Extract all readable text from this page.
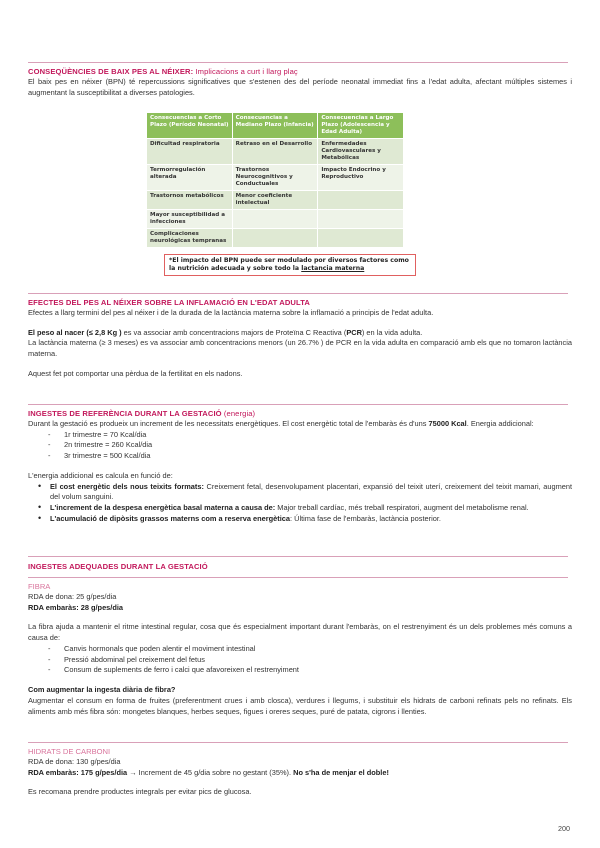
CONSEQÜÈNCIES DE BAIX PES AL NÉIXER: Implicacions a curt i llarg plaç

El baix pes en néixer (BPN) té repercussions significatives que s'estenen des del període neonatal immediat fins a l'edat adulta, afectant múltiples sistemes i augmentant la susceptibilitat a diverses patologies.

EFECTES DEL PES AL NÉIXER SOBRE LA INFLAMACIÓ EN L'EDAT ADULTA

Efectes a llarg termini del pes al néixer i de la durada de la lactància materna sobre la inflamació a principis de l'edat adulta.

El peso al nacer (≤ 2,8 Kg ) es va associar amb concentracions majors de Proteïna C Reactiva (PCR) en la vida adulta.

La lactància materna (≥ 3 meses) es va associar amb concentracions menors (un 26.7% ) de PCR en la vida adulta en comparació amb els que no tomaron lactància materna.

Aquest fet pot comportar una pèrdua de la fertilitat en els nadons.

INGESTES DE REFERÈNCIA DURANT LA GESTACIÓ (energia)

Durant la gestació es produeix un increment de les necessitats energètiques. El cost energètic total de l'embaràs és d'uns 75000 Kcal. Energia addicional:

- 1r trimestre = 70 Kcal/dia
- 2n trimestre = 260 Kcal/dia
- 3r trimestre = 500 Kcal/dia

L'energia addicional es calcula en funció de:

• El cost energètic dels nous teixits formats: Creixement fetal, desenvolupament placentari, expansió del teixit uterí, creixement del teixit mamari, augment del volum sanguini.
• L'increment de la despesa energètica basal materna a causa de: Major treball cardíac, més treball respiratori, augment del metabolisme renal.
• L'acumulació de dipòsits grassos materns com a reserva energètica: Última fase de l'embaràs, lactància posterior.
INGESTES ADEQUADES DURANT LA GESTACIÓ
FIBRA

RDA de dona: 25 g/pes/dia

RDA embaràs: 28 g/pes/dia

La fibra ajuda a mantenir el ritme intestinal regular, cosa que és especialment important durant l'embaràs, on el restrenyiment és un dels problemes més comuns a causa de:

- Canvis hormonals que poden alentir el moviment intestinal
- Pressió abdominal pel creixement del fetus
- Consum de suplements de ferro i calci que afavoreixen el restrenyiment

Com augmentar la ingesta diària de fibra?

Augmentar el consum en forma de fruites (preferentment crues i amb closca), verdures i llegums, i substituir els hidrats de carboni refinats pels no refinats. Els aliments amb més fibra són: mongetes blanques, herbes seques, figues i oreres seques, puré de patata, cigrons i llenties.

HIDRATS DE CARBONI

RDA de dona: 130 g/pes/dia

RDA embaràs: 175 g/pes/dia → Increment de 45 g/dia sobre no gestant (35%). No s'ha de menjar el doble!

Es recomana prendre productes integrals per evitar pics de glucosa.

Consecuencias a Corto Plazo (Período Neonatal)	Consecuencias a Mediano Plazo (Infancia)	Consecuencias a Largo Plazo (Adolescencia y Edad Adulta)
Dificultad respiratoria	Retraso en el Desarrollo	Enfermedades Cardiovasculares y Metabólicas
Termorregulación alterada	Trastornos Neurocognitivos y Conductuales	Impacto Endocrino y Reproductivo
Trastornos metabólicos	Menor coeficiente intelectual	
Mayor susceptibilidad a infecciones		
Complicaciones neurológicas tempranas		
*El impacto del BPN puede ser modulado por diversos factores como la nutrición adecuada y sobre todo la lactancia materna
200
